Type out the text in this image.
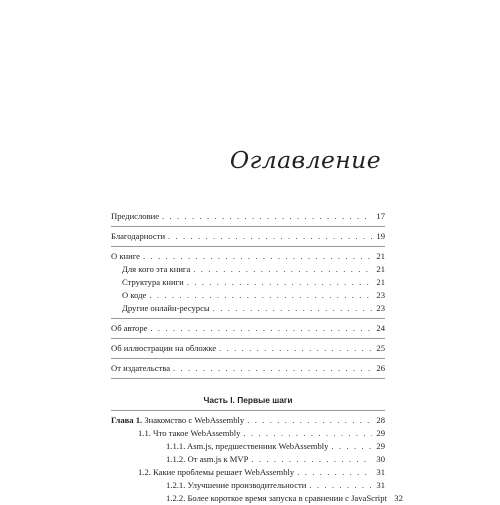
Оглавление
Предисловие . . .	17
Благодарности . . .	19
О книге . . .	21
Для кого эта книга . . .	21
Структура книги . . .	21
О коде . . .	23
Другие онлайн-ресурсы . . .	23
Об авторе . . .	24
Об иллюстрации на обложке . . .	25
От издательства . . .	26
Часть I. Первые шаги
Глава 1. Знакомство с WebAssembly . . .	28
1.1. Что такое WebAssembly . . .	29
1.1.1. Asm.js, предшественник WebAssembly . . .	29
1.1.2. От asm.js к MVP . . .	30
1.2. Какие проблемы решает WebAssembly . . .	31
1.2.1. Улучшение производительности . . .	31
1.2.2. Более короткое время запуска в сравнении с JavaScript 32
